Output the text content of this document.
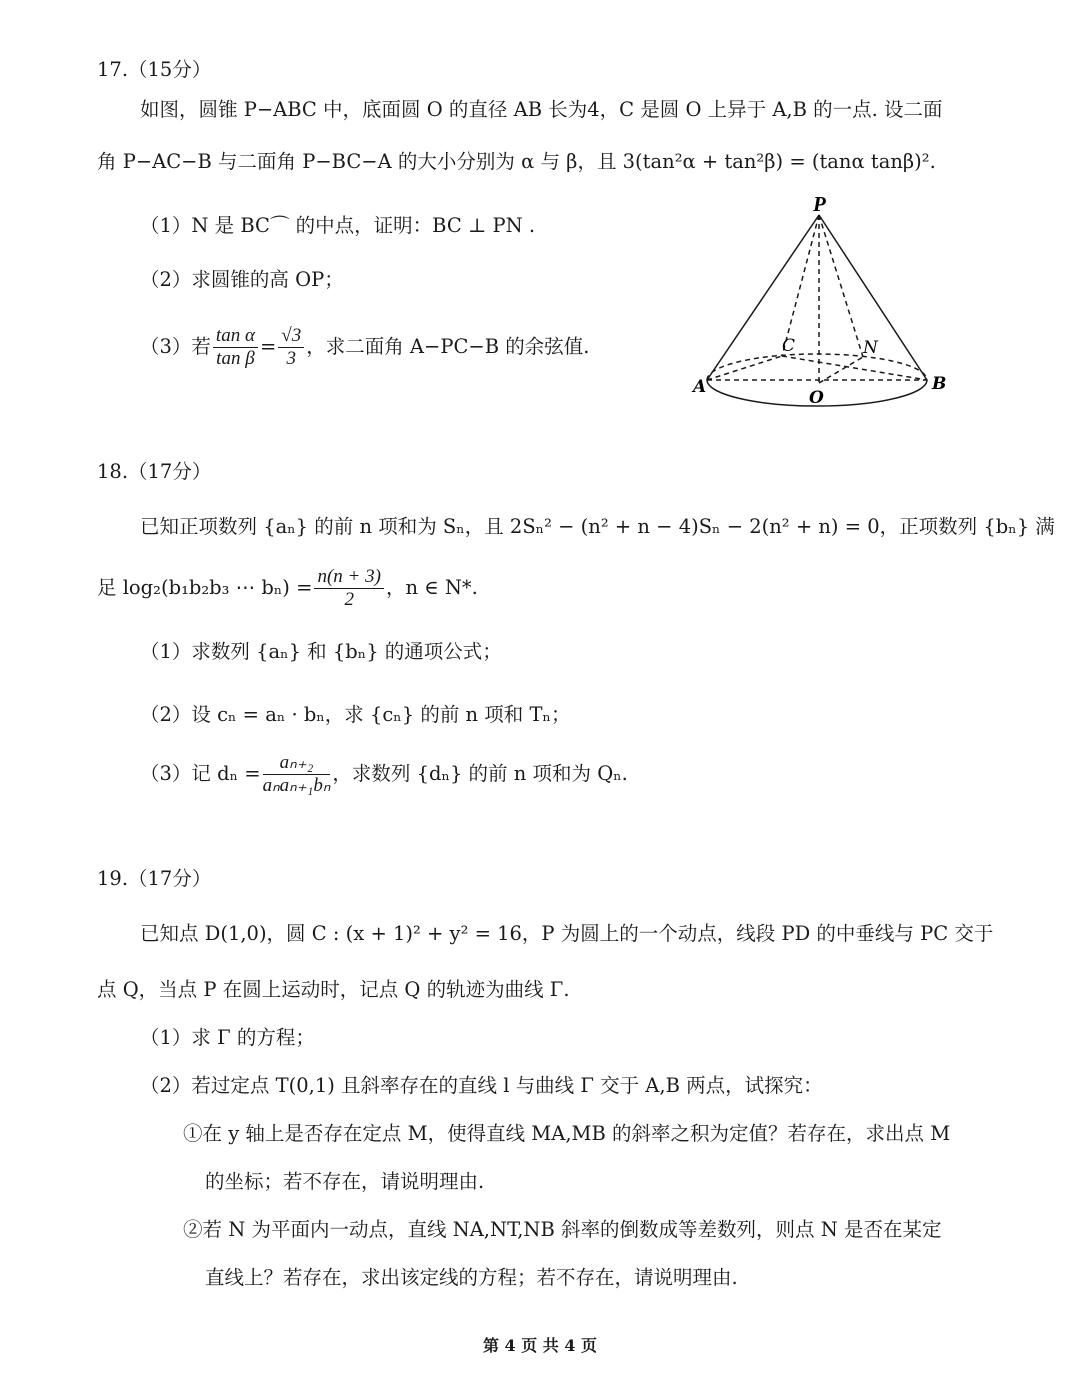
17.（15分）
如图，圆锥 P−ABC 中，底面圆 O 的直径 AB 长为4，C 是圆 O 上异于 A,B 的一点. 设二面
角 P−AC−B 与二面角 P−BC−A 的大小分别为 α 与 β，且 3(tan²α + tan²β) = (tanα tanβ)².
（1）N 是 BC⌒ 的中点，证明：BC ⊥ PN .
（2）求圆锥的高 OP；
（3）若 $\frac{\text{tan α}}{\text{tan β}} = \frac{√3}{3}$ ，求二面角 A−PC−B 的余弦值.
P
A	B
C	N
O
18.（17分）
已知正项数列 {aₙ} 的前 n 项和为 Sₙ，且 2Sₙ² − (n² + n − 4)Sₙ − 2(n² + n) = 0，正项数列 {bₙ} 满
足 log₂(b₁b₂b₃ ⋯ $b_n) = \frac{n(n + 3)}{2}$ ，n ∈ N*.
（1）求数列 {aₙ} 和 {bₙ} 的通项公式；
（2）设 cₙ = aₙ · bₙ，求 {cₙ} 的前 n 项和 Tₙ；
（3）记 $d_n = \frac{\text{aₙ₊₂}}{\text{aₙaₙ₊₁bₙ}}$ ，求数列 {dₙ} 的前 n 项和为 Qₙ.
19.（17分）
已知点 D(1,0)，圆 C : (x + 1)² + y² = 16，P 为圆上的一个动点，线段 PD 的中垂线与 PC 交于
点 Q，当点 P 在圆上运动时，记点 Q 的轨迹为曲线 Γ.
（1）求 Γ 的方程；
（2）若过定点 T(0,1) 且斜率存在的直线 l 与曲线 Γ 交于 A,B 两点，试探究：
①在 y 轴上是否存在定点 M，使得直线 MA,MB 的斜率之积为定值？若存在，求出点 M
的坐标；若不存在，请说明理由.
②若 N 为平面内一动点，直线 NA,NT,NB 斜率的倒数成等差数列，则点 N 是否在某定
直线上？若存在，求出该定线的方程；若不存在，请说明理由.
第 4 页 共 4 页
